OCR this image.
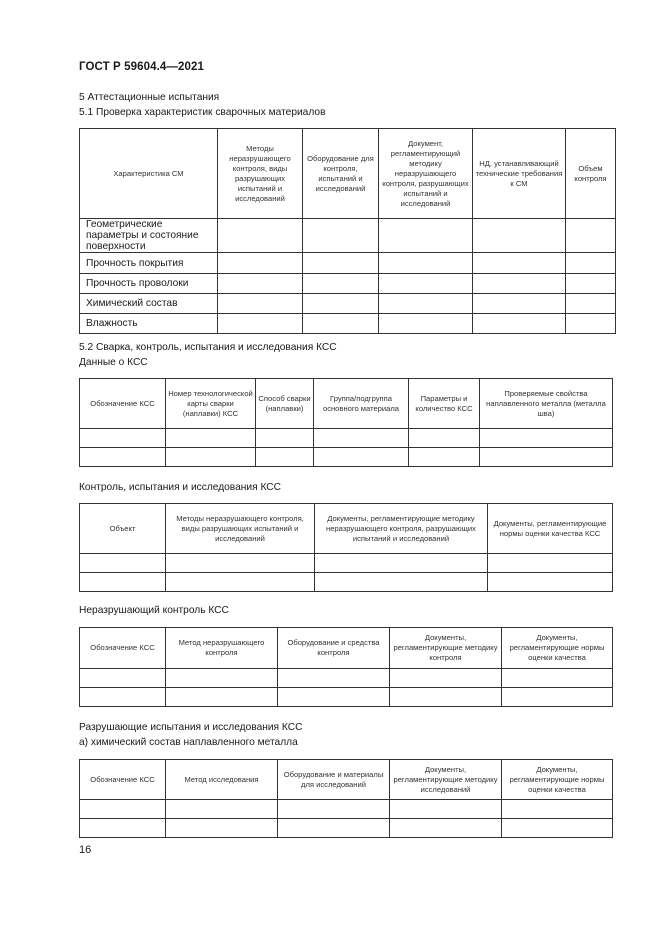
ГОСТ Р 59604.4—2021
5 Аттестационные испытания
5.1 Проверка характеристик сварочных материалов
Характеристика СМ	Методы неразрушающего контроля, виды разрушающих испытаний и исследований	Оборудование для контроля, испытаний и исследований	Документ, регламентирующий методику неразрушающего контроля, разрушающих испытаний и исследований	НД, устанавливающий технические требования к СМ	Объем контроля
Геометрические параметры и состояние поверхности					
Прочность покрытия					
Прочность проволоки					
Химический состав					
Влажность					
5.2 Сварка, контроль, испытания и исследования КСС
Данные о КСС
Обозначение КСС	Номер технологической карты сварки (наплавки) КСС	Способ сварки (наплавки)	Группа/подгруппа основного материала	Параметры и количество КСС	Проверяемые свойства наплавленного металла (металла шва)

Контроль, испытания и исследования КСС
Объект	Методы неразрушающего контроля, виды разрушающих испытаний и исследований	Документы, регламентирующие методику неразрушающего контроля, разрушающих испытаний и исследований	Документы, регламентирующие нормы оценки качества КСС

Неразрушающий контроль КСС
Обозначение КСС	Метод неразрушающего контроля	Оборудование и средства контроля	Документы, регламентирующие методику контроля	Документы, регламентирующие нормы оценки качества

Разрушающие испытания и исследования КСС
а) химический состав наплавленного металла
Обозначение КСС	Метод исследования	Оборудование и материалы для исследований	Документы, регламентирующие методику исследований	Документы, регламентирующие нормы оценки качества

16
